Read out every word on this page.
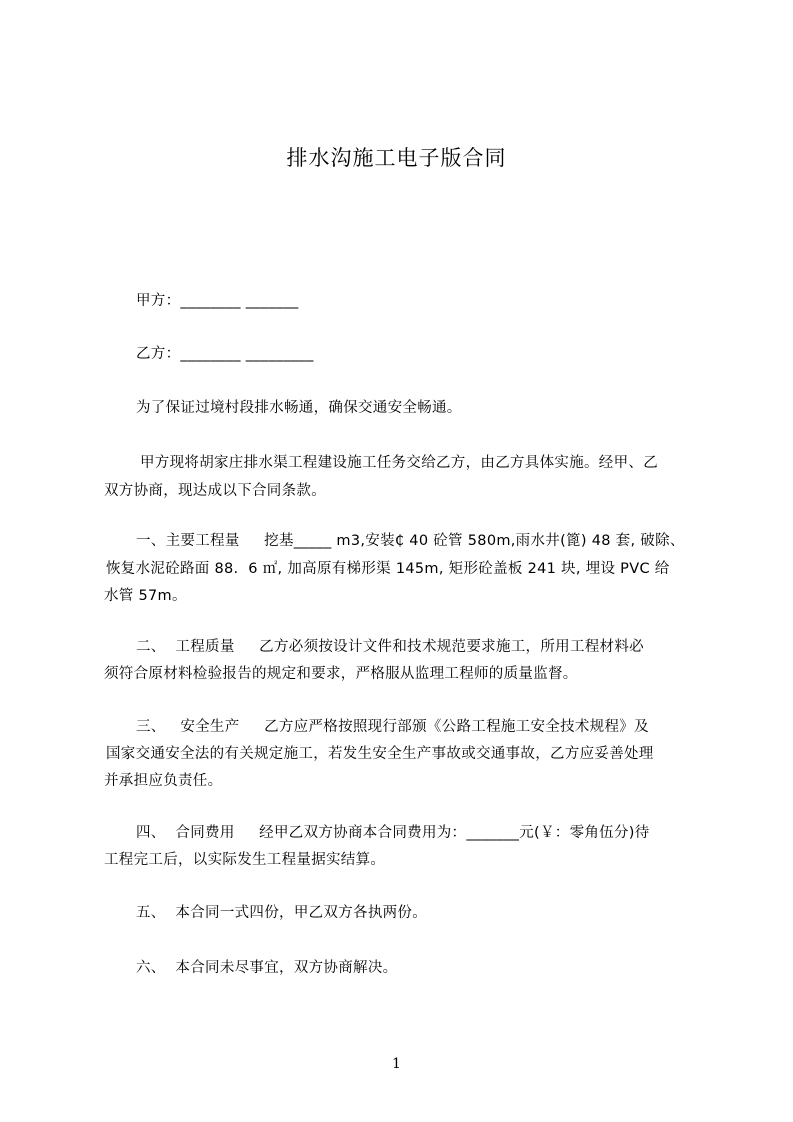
排水沟施工电子版合同
甲方：________ _______
乙方：________ _________
为了保证过境村段排水畅通，确保交通安全畅通。
甲方现将胡家庄排水渠工程建设施工任务交给乙方，由乙方具体实施。经甲、乙
双方协商，现达成以下合同条款。
一、主要工程量     挖基_____ m3,安装₵ 40 砼管 580m,雨水井(篦) 48 套, 破除、
恢复水泥砼路面 88.  6 ㎡, 加高原有梯形渠 145m, 矩形砼盖板 241 块, 埋设 PVC 给
水管 57m。
二、  工程质量     乙方必须按设计文件和技术规范要求施工，所用工程材料必
须符合原材料检验报告的规定和要求，严格服从监理工程师的质量监督。
三、   安全生产     乙方应严格按照现行部颁《公路工程施工安全技术规程》及
国家交通安全法的有关规定施工，若发生安全生产事故或交通事故，乙方应妥善处理
并承担应负责任。
四、  合同费用     经甲乙双方协商本合同费用为：_______元(￥：零角伍分)待
工程完工后，以实际发生工程量据实结算。
五、  本合同一式四份，甲乙双方各执两份。
六、  本合同未尽事宜，双方协商解决。
1
